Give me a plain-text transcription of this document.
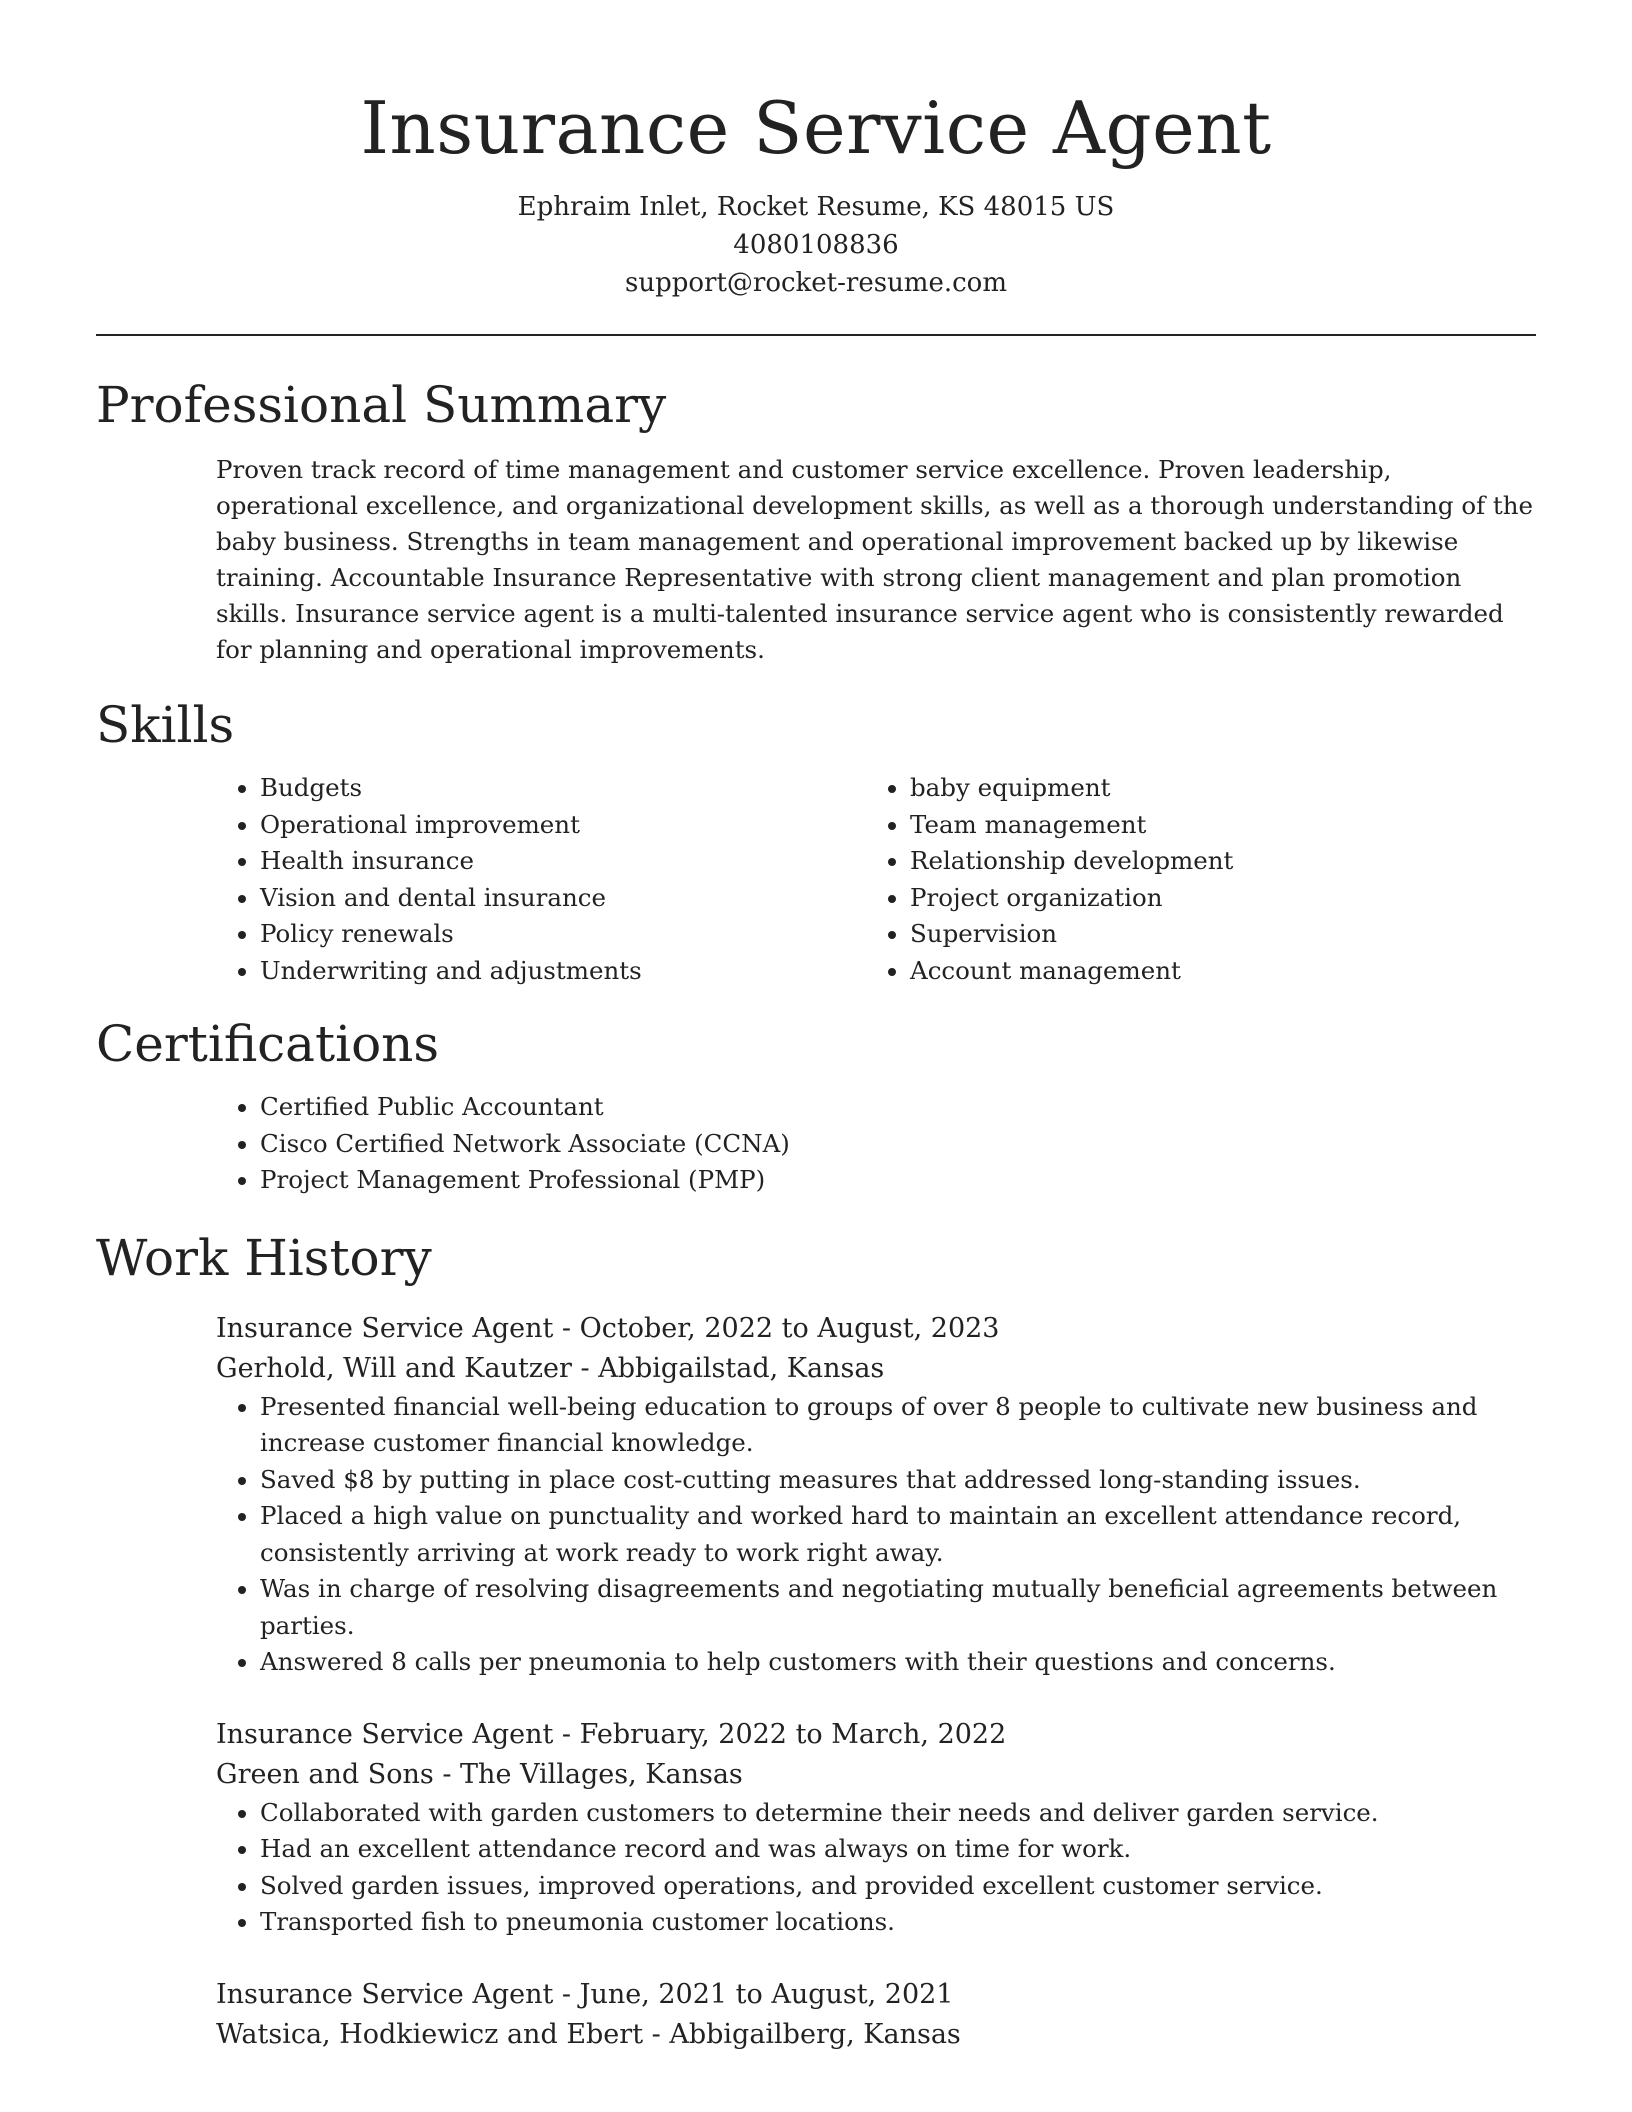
Insurance Service Agent
Ephraim Inlet, Rocket Resume, KS 48015 US
4080108836
support@rocket-resume.com
Professional Summary

Proven track record of time management and customer service excellence. Proven leadership, operational excellence, and organizational development skills, as well as a thorough understanding of the baby business. Strengths in team management and operational improvement backed up by likewise training. Accountable Insurance Representative with strong client management and plan promotion skills. Insurance service agent is a multi-talented insurance service agent who is consistently rewarded for planning and operational improvements.

Skills
• Budgets
• Operational improvement
• Health insurance
• Vision and dental insurance
• Policy renewals
• Underwriting and adjustments
• baby equipment
• Team management
• Relationship development
• Project organization
• Supervision
• Account management
Certifications
• Certified Public Accountant
• Cisco Certified Network Associate (CCNA)
• Project Management Professional (PMP)
Work History
Insurance Service Agent - October, 2022 to August, 2023
Gerhold, Will and Kautzer - Abbigailstad, Kansas
• Presented financial well-being education to groups of over 8 people to cultivate new business and increase customer financial knowledge.
• Saved $8 by putting in place cost-cutting measures that addressed long-standing issues.
• Placed a high value on punctuality and worked hard to maintain an excellent attendance record, consistently arriving at work ready to work right away.
• Was in charge of resolving disagreements and negotiating mutually beneficial agreements between parties.
• Answered 8 calls per pneumonia to help customers with their questions and concerns.
Insurance Service Agent - February, 2022 to March, 2022
Green and Sons - The Villages, Kansas
• Collaborated with garden customers to determine their needs and deliver garden service.
• Had an excellent attendance record and was always on time for work.
• Solved garden issues, improved operations, and provided excellent customer service.
• Transported fish to pneumonia customer locations.
Insurance Service Agent - June, 2021 to August, 2021
Watsica, Hodkiewicz and Ebert - Abbigailberg, Kansas
